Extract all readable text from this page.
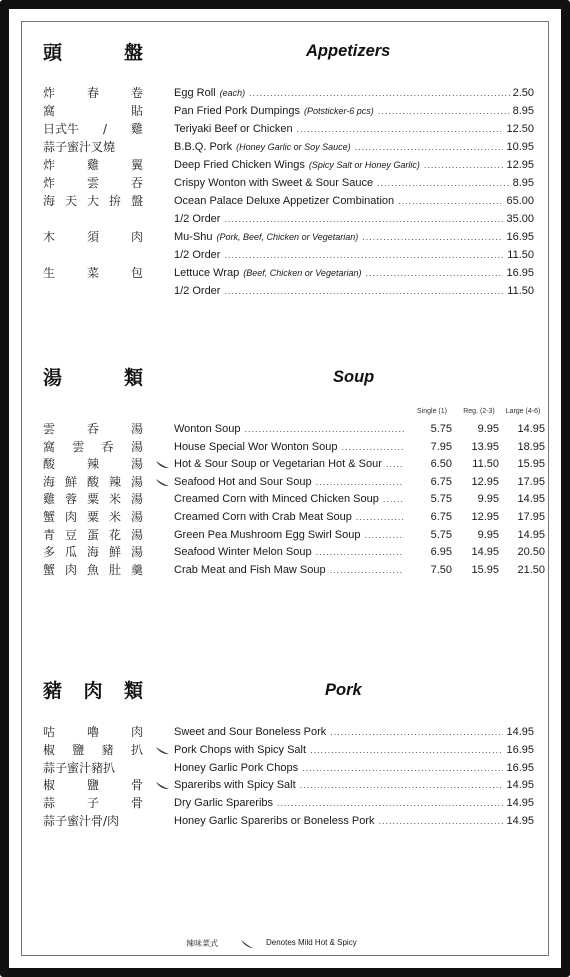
頭	盤	Appetizers
炸	春	卷	Egg Roll (each) .....	2.50
窩	貼	Pan Fried Pork Dumpings (Potsticker-6 pcs) .....	8.95
日式牛 / 雞	Teriyaki Beef or Chicken .....	12.50
蒜子蜜汁叉燒	B.B.Q. Pork (Honey Garlic or Soy Sauce) .....	10.95
炸	雞	翼	Deep Fried Chicken Wings (Spicy Salt or Honey Garlic) .....	12.95
炸	雲	吞	Crispy Wonton with Sweet & Sour Sauce .....	8.95
海 天 大 拚 盤	Ocean Palace Deluxe Appetizer Combination .....	65.00
1/2 Order .....	35.00
木	須	肉	Mu-Shu (Pork, Beef, Chicken or Vegetarian) .....	16.95
1/2 Order .....	11.50
生	菜	包	Lettuce Wrap (Beef, Chicken or Vegetarian) .....	16.95
1/2 Order .....	11.50
湯	類	Soup
Single (1)	Reg. (2-3)	Large (4-6)
雲	呑	湯	Wonton Soup .....	5.75	9.95	14.95
窩 雲 呑 湯	House Special Wor Wonton Soup .....	7.95	13.95	18.95
酸	辣	湯	Hot & Sour Soup or Vegetarian Hot & Sour .....	6.50	11.50	15.95
海 鮮 酸 辣 湯	Seafood Hot and Sour Soup .....	6.75	12.95	17.95
雞 蓉 粟 米 湯	Creamed Corn with Minced Chicken Soup .....	5.75	9.95	14.95
蟹 肉 粟 米 湯	Creamed Corn with Crab Meat Soup .....	6.75	12.95	17.95
青 豆 蛋 花 湯	Green Pea Mushroom Egg Swirl Soup .....	5.75	9.95	14.95
多 瓜 海 鮮 湯	Seafood Winter Melon Soup .....	6.95	14.95	20.50
蟹 肉 魚 肚 羹	Crab Meat and Fish Maw Soup .....	7.50	15.95	21.50
豬 肉 類	Pork
咕	嚕	肉	Sweet and Sour Boneless Pork .....	14.95
椒 鹽 豬 扒	Pork Chops with Spicy Salt .....	16.95
蒜子蜜汁豬扒	Honey Garlic Pork Chops .....	16.95
椒	鹽	骨	Spareribs with Spicy Salt .....	14.95
蒜	子	骨	Dry Garlic Spareribs .....	14.95
蒜子蜜汁骨/肉	Honey Garlic Spareribs or Boneless Pork .....	14.95
辣味菜式	Denotes Mild Hot & Spicy
